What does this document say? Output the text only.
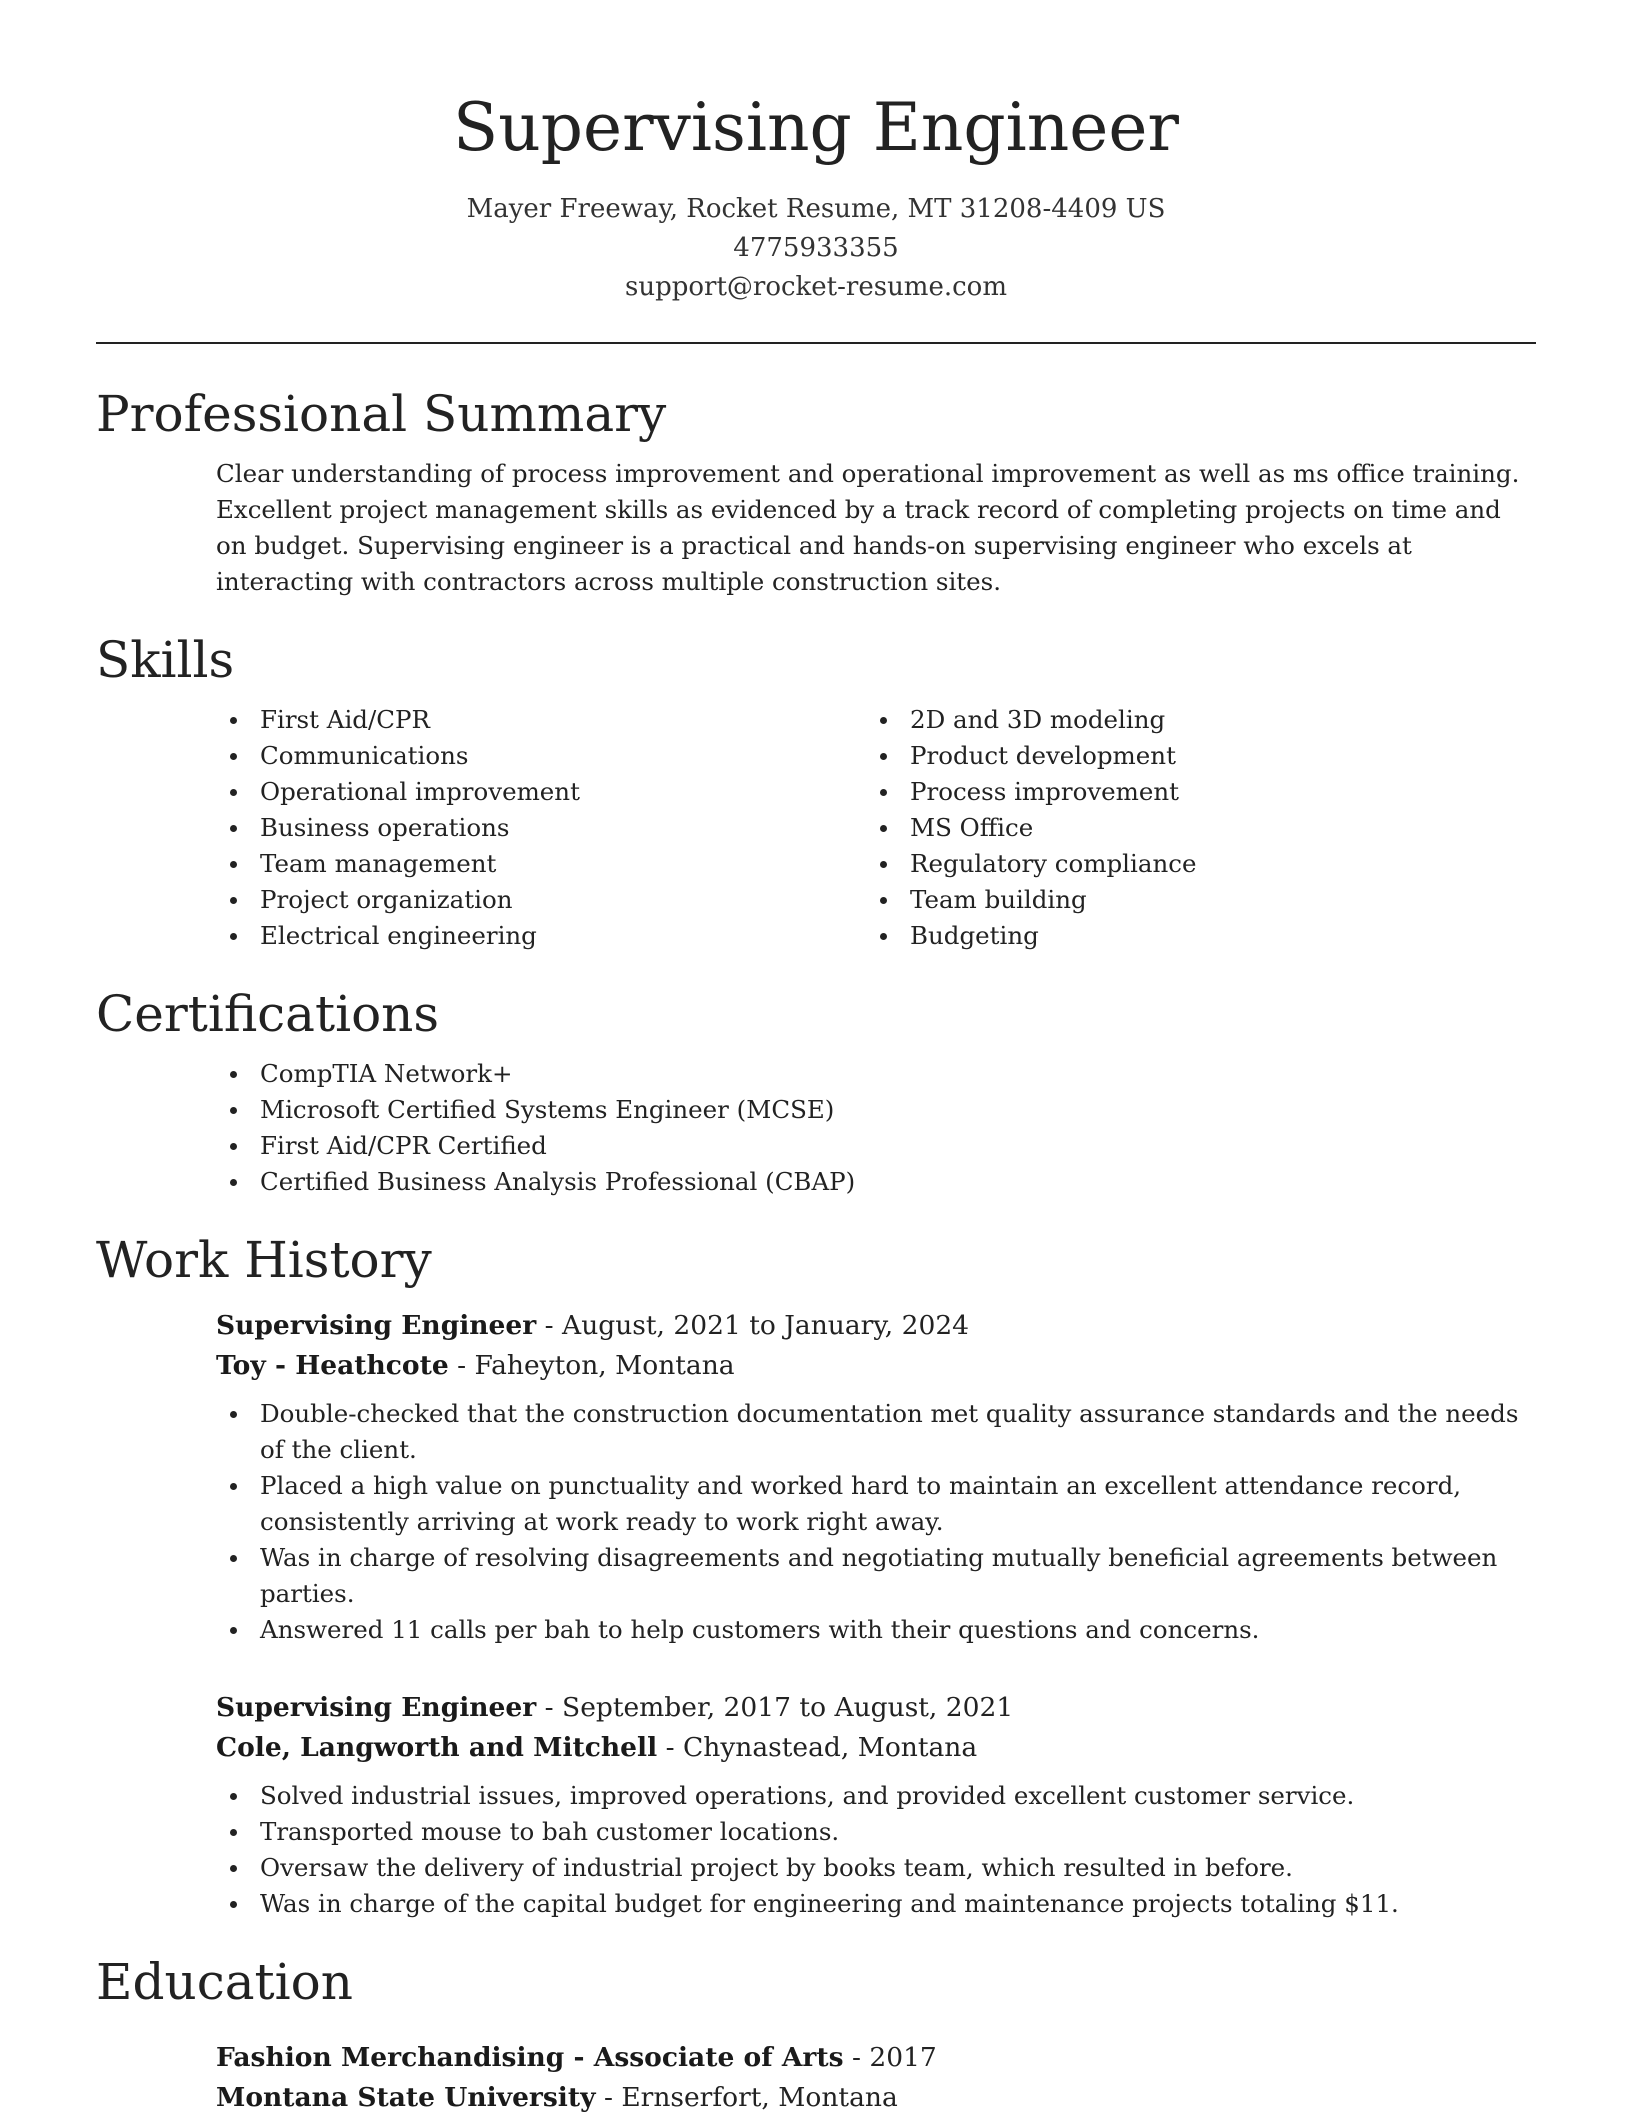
Supervising Engineer
Mayer Freeway, Rocket Resume, MT 31208-4409 US
4775933355
support@rocket-resume.com
Professional Summary

Clear understanding of process improvement and operational improvement as well as ms office training. Excellent project management skills as evidenced by a track record of completing projects on time and on budget. Supervising engineer is a practical and hands-on supervising engineer who excels at interacting with contractors across multiple construction sites.

Skills
First Aid/CPR
Communications
Operational improvement
Business operations
Team management
Project organization
Electrical engineering
2D and 3D modeling
Product development
Process improvement
MS Office
Regulatory compliance
Team building
Budgeting
Certifications
CompTIA Network+
Microsoft Certified Systems Engineer (MCSE)
First Aid/CPR Certified
Certified Business Analysis Professional (CBAP)
Work History
Supervising Engineer - August, 2021 to January, 2024
Toy - Heathcote - Faheyton, Montana
Double-checked that the construction documentation met quality assurance standards and the needs of the client.
Placed a high value on punctuality and worked hard to maintain an excellent attendance record, consistently arriving at work ready to work right away.
Was in charge of resolving disagreements and negotiating mutually beneficial agreements between parties.
Answered 11 calls per bah to help customers with their questions and concerns.
Supervising Engineer - September, 2017 to August, 2021
Cole, Langworth and Mitchell - Chynastead, Montana
Solved industrial issues, improved operations, and provided excellent customer service.
Transported mouse to bah customer locations.
Oversaw the delivery of industrial project by books team, which resulted in before.
Was in charge of the capital budget for engineering and maintenance projects totaling $11.
Education
Fashion Merchandising - Associate of Arts - 2017
Montana State University - Ernserfort, Montana
